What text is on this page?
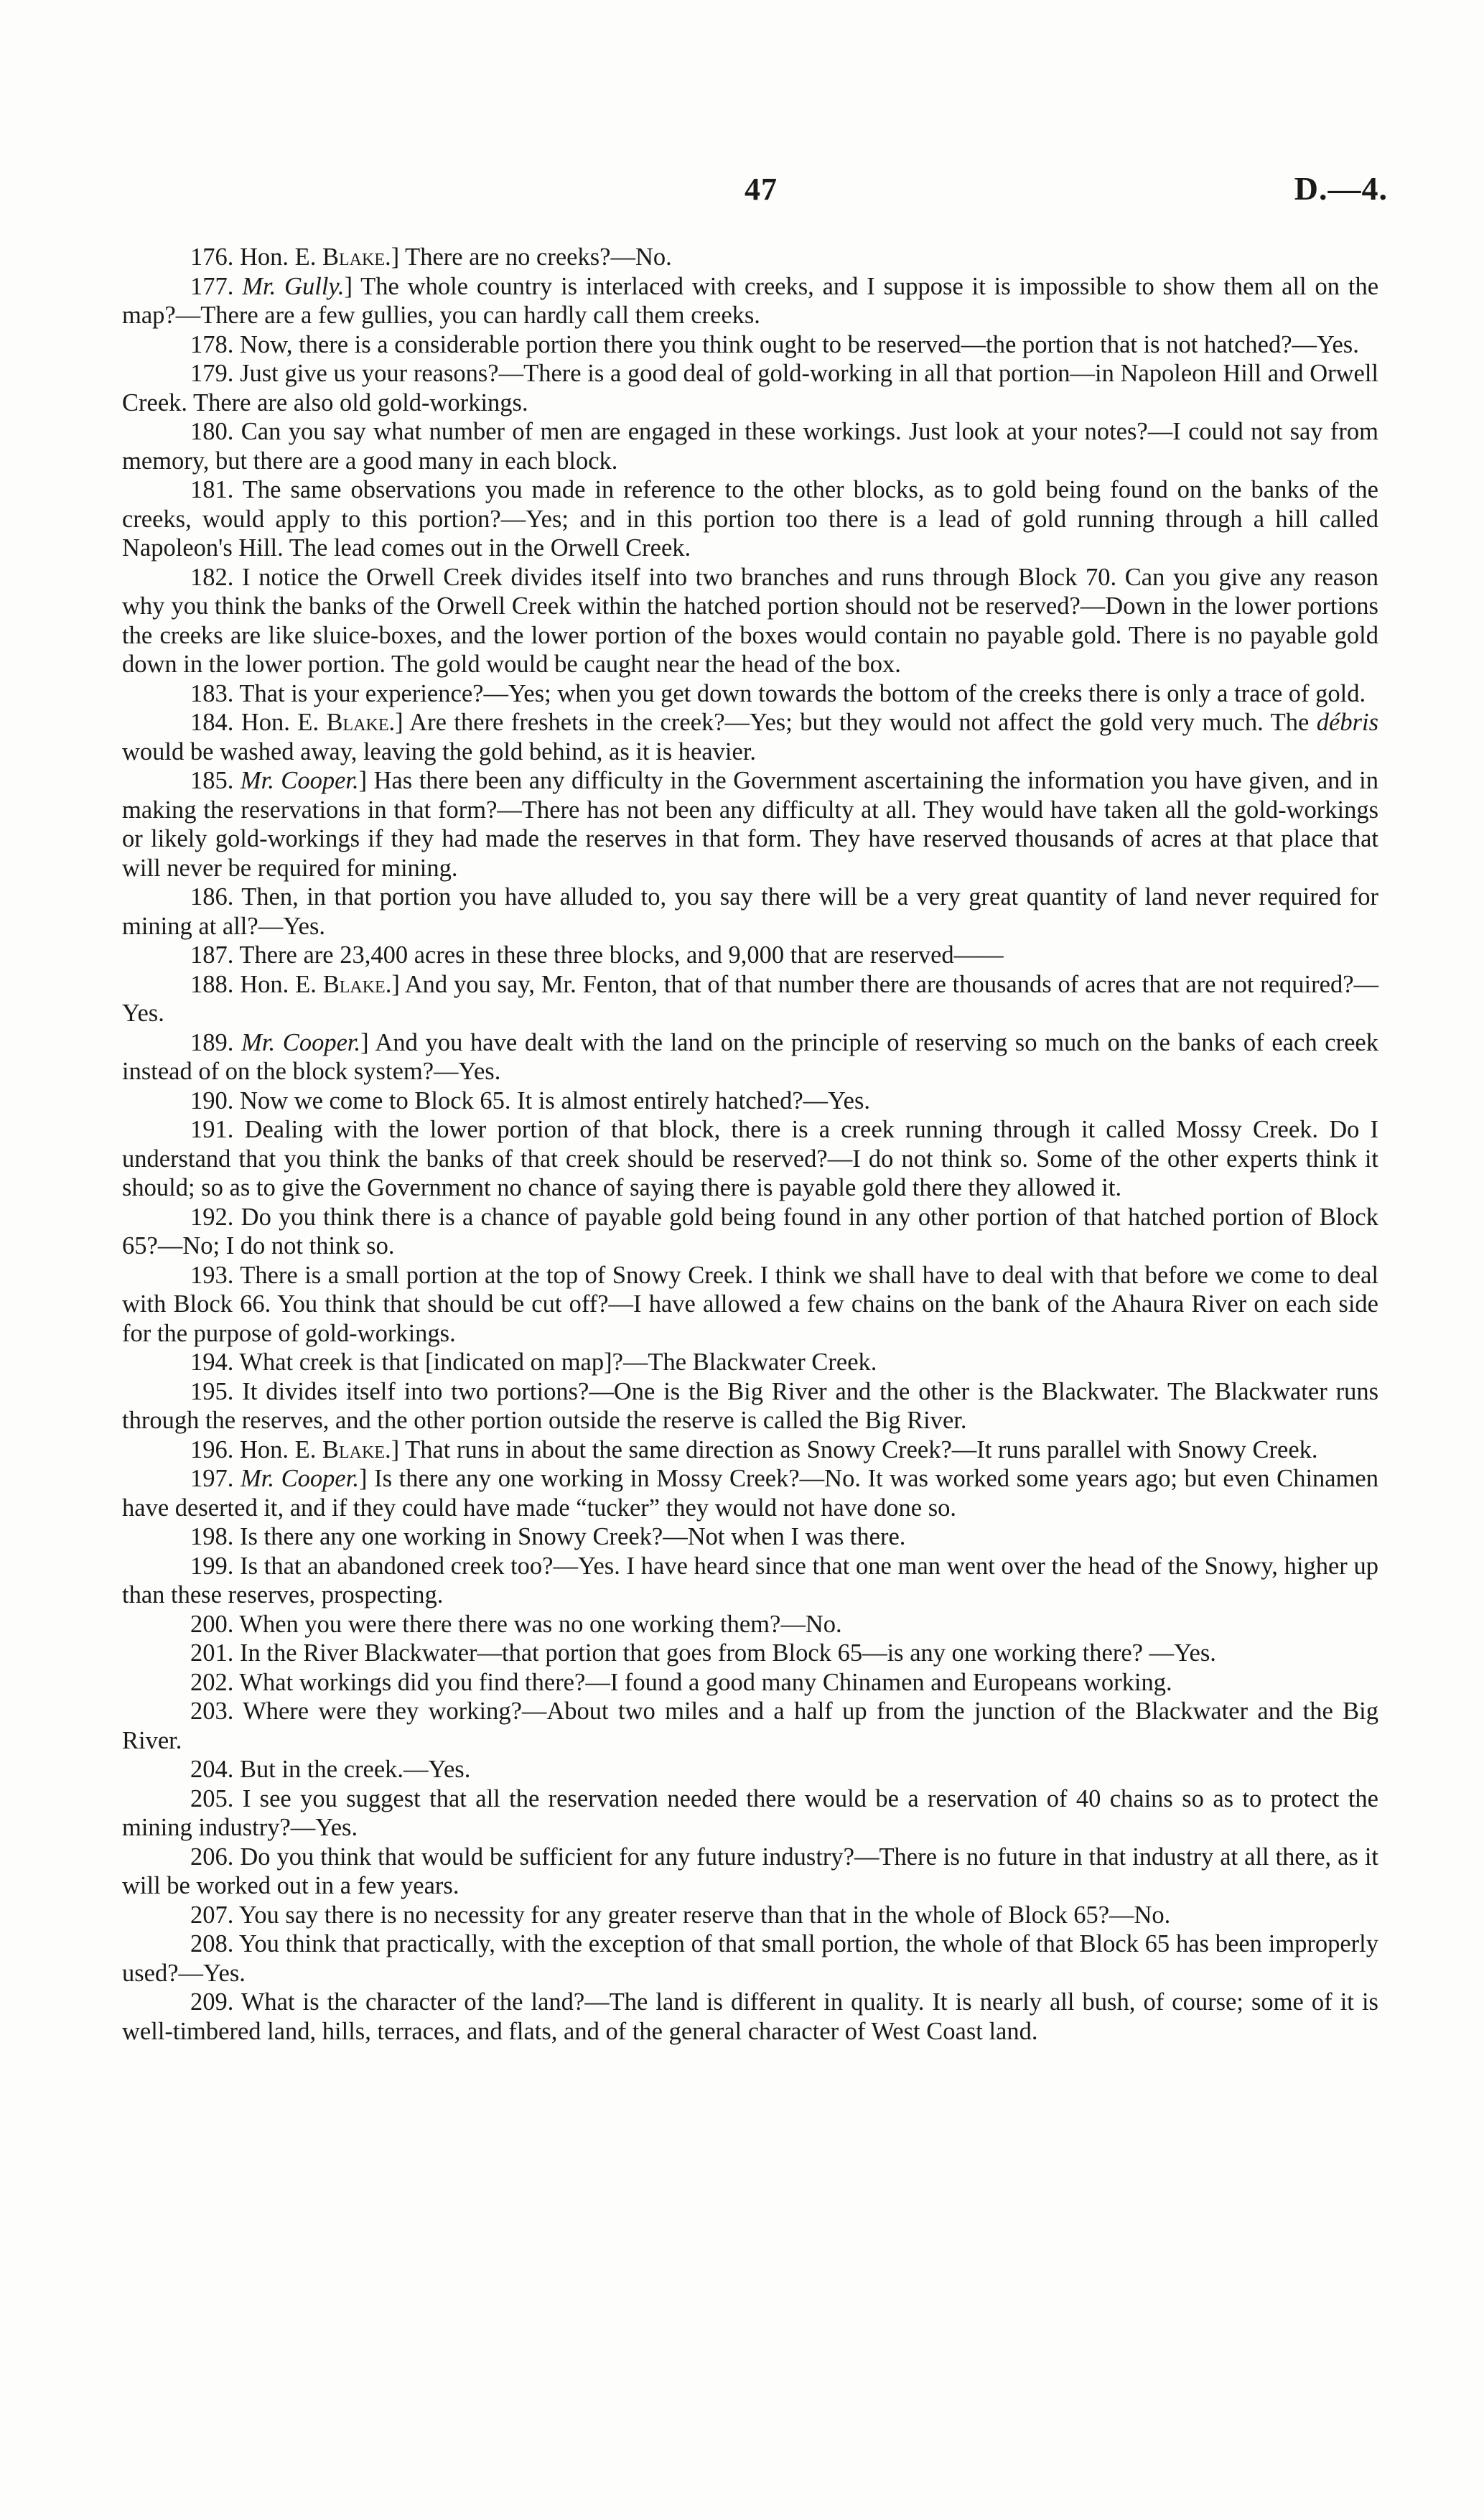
47	D.—4.

176. Hon. E. Blake.] There are no creeks?—No.

177. Mr. Gully.] The whole country is interlaced with creeks, and I suppose it is impossible to show them all on the map?—There are a few gullies, you can hardly call them creeks.

178. Now, there is a considerable portion there you think ought to be reserved—the portion that is not hatched?—Yes.

179. Just give us your reasons?—There is a good deal of gold-working in all that portion—in Napoleon Hill and Orwell Creek. There are also old gold-workings.

180. Can you say what number of men are engaged in these workings. Just look at your notes?—I could not say from memory, but there are a good many in each block.

181. The same observations you made in reference to the other blocks, as to gold being found on the banks of the creeks, would apply to this portion?—Yes; and in this portion too there is a lead of gold running through a hill called Napoleon's Hill. The lead comes out in the Orwell Creek.

182. I notice the Orwell Creek divides itself into two branches and runs through Block 70. Can you give any reason why you think the banks of the Orwell Creek within the hatched portion should not be reserved?—Down in the lower portions the creeks are like sluice-boxes, and the lower portion of the boxes would contain no payable gold. There is no payable gold down in the lower portion. The gold would be caught near the head of the box.

183. That is your experience?—Yes; when you get down towards the bottom of the creeks there is only a trace of gold.

184. Hon. E. Blake.] Are there freshets in the creek?—Yes; but they would not affect the gold very much. The débris would be washed away, leaving the gold behind, as it is heavier.

185. Mr. Cooper.] Has there been any difficulty in the Government ascertaining the information you have given, and in making the reservations in that form?—There has not been any difficulty at all. They would have taken all the gold-workings or likely gold-workings if they had made the reserves in that form. They have reserved thousands of acres at that place that will never be required for mining.

186. Then, in that portion you have alluded to, you say there will be a very great quantity of land never required for mining at all?—Yes.

187. There are 23,400 acres in these three blocks, and 9,000 that are reserved——

188. Hon. E. Blake.] And you say, Mr. Fenton, that of that number there are thousands of acres that are not required?—Yes.

189. Mr. Cooper.] And you have dealt with the land on the principle of reserving so much on the banks of each creek instead of on the block system?—Yes.

190. Now we come to Block 65. It is almost entirely hatched?—Yes.

191. Dealing with the lower portion of that block, there is a creek running through it called Mossy Creek. Do I understand that you think the banks of that creek should be reserved?—I do not think so. Some of the other experts think it should; so as to give the Government no chance of saying there is payable gold there they allowed it.

192. Do you think there is a chance of payable gold being found in any other portion of that hatched portion of Block 65?—No; I do not think so.

193. There is a small portion at the top of Snowy Creek. I think we shall have to deal with that before we come to deal with Block 66. You think that should be cut off?—I have allowed a few chains on the bank of the Ahaura River on each side for the purpose of gold-workings.

194. What creek is that [indicated on map]?—The Blackwater Creek.

195. It divides itself into two portions?—One is the Big River and the other is the Blackwater. The Blackwater runs through the reserves, and the other portion outside the reserve is called the Big River.

196. Hon. E. Blake.] That runs in about the same direction as Snowy Creek?—It runs parallel with Snowy Creek.

197. Mr. Cooper.] Is there any one working in Mossy Creek?—No. It was worked some years ago; but even Chinamen have deserted it, and if they could have made “tucker” they would not have done so.

198. Is there any one working in Snowy Creek?—Not when I was there.

199. Is that an abandoned creek too?—Yes. I have heard since that one man went over the head of the Snowy, higher up than these reserves, prospecting.

200. When you were there there was no one working them?—No.

201. In the River Blackwater—that portion that goes from Block 65—is any one working there? —Yes.

202. What workings did you find there?—I found a good many Chinamen and Europeans working.

203. Where were they working?—About two miles and a half up from the junction of the Blackwater and the Big River.

204. But in the creek.—Yes.

205. I see you suggest that all the reservation needed there would be a reservation of 40 chains so as to protect the mining industry?—Yes.

206. Do you think that would be sufficient for any future industry?—There is no future in that industry at all there, as it will be worked out in a few years.

207. You say there is no necessity for any greater reserve than that in the whole of Block 65?—No.

208. You think that practically, with the exception of that small portion, the whole of that Block 65 has been improperly used?—Yes.

209. What is the character of the land?—The land is different in quality. It is nearly all bush, of course; some of it is well-timbered land, hills, terraces, and flats, and of the general character of West Coast land.
